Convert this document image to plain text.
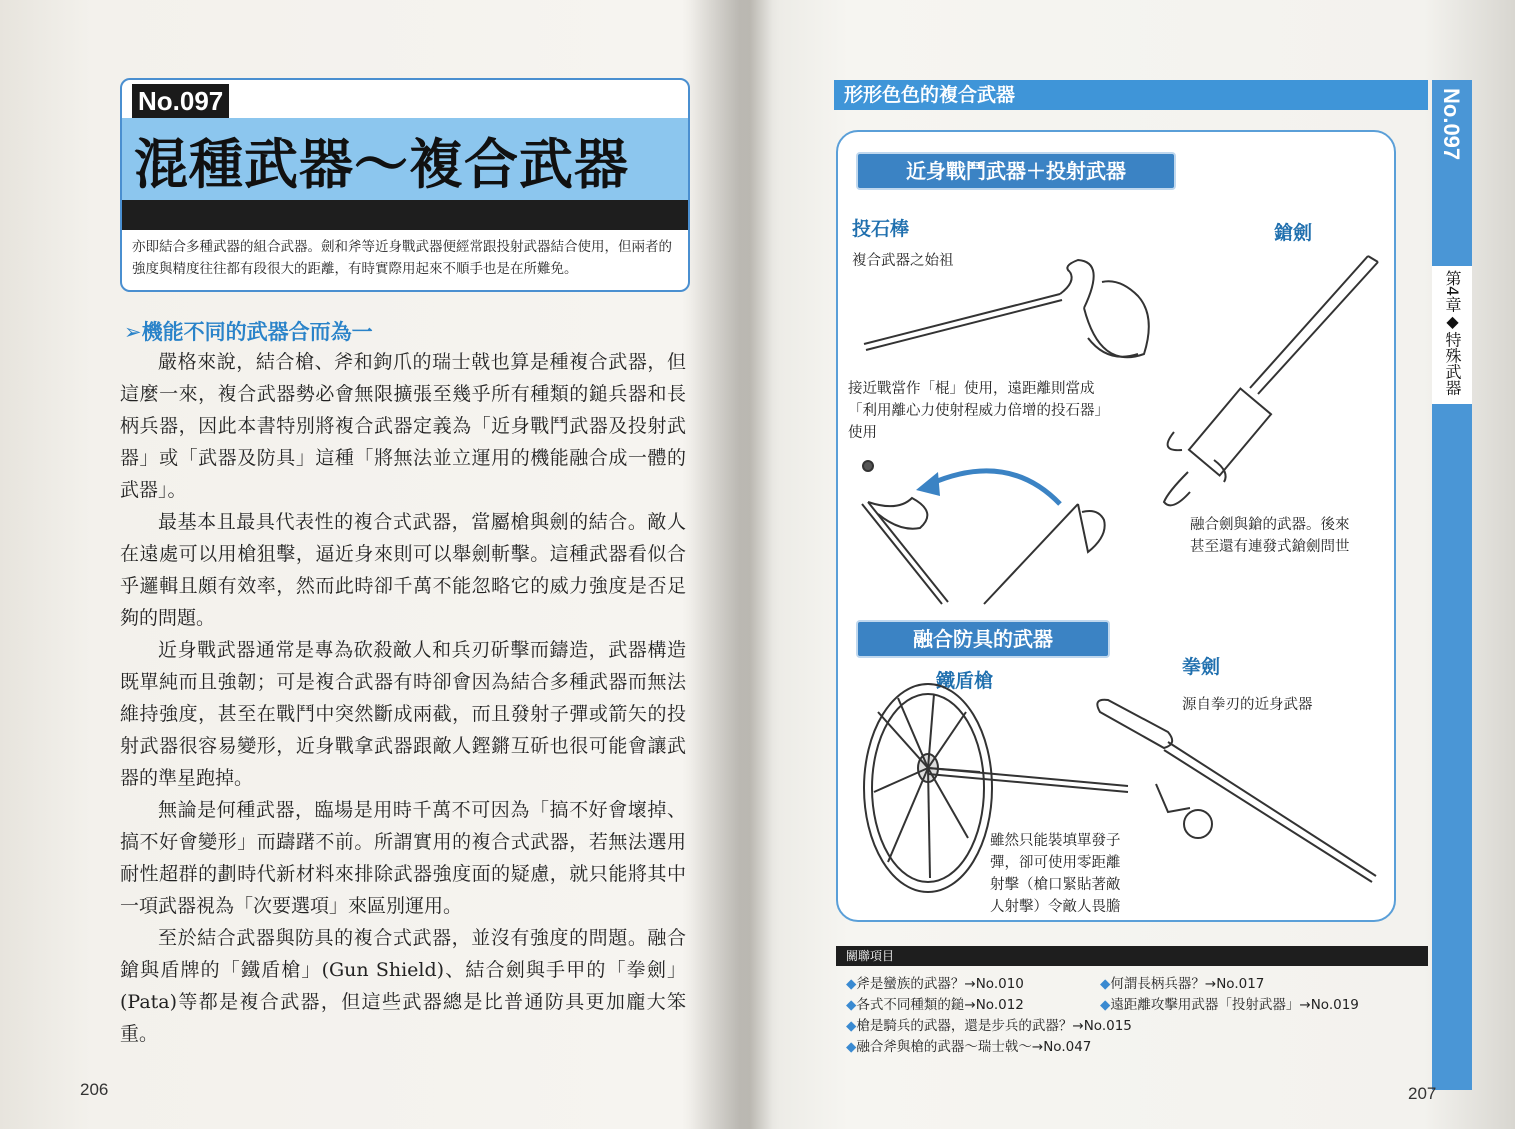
No.097
混種武器～複合武器
亦即結合多種武器的組合武器。劍和斧等近身戰武器便經常跟投射武器結合使用，但兩者的強度與精度往往都有段很大的距離，有時實際用起來不順手也是在所難免。
➢機能不同的武器合而為一

嚴格來說，結合槍、斧和鉤爪的瑞士戟也算是種複合武器，但這麼一來，複合武器勢必會無限擴張至幾乎所有種類的鎚兵器和長柄兵器，因此本書特別將複合武器定義為「近身戰鬥武器及投射武器」或「武器及防具」這種「將無法並立運用的機能融合成一體的武器」。

最基本且最具代表性的複合式武器，當屬槍與劍的結合。敵人在遠處可以用槍狙擊，逼近身來則可以舉劍斬擊。這種武器看似合乎邏輯且頗有效率，然而此時卻千萬不能忽略它的威力強度是否足夠的問題。

近身戰武器通常是專為砍殺敵人和兵刃斫擊而鑄造，武器構造既單純而且強韌；可是複合武器有時卻會因為結合多種武器而無法維持強度，甚至在戰鬥中突然斷成兩截，而且發射子彈或箭矢的投射武器很容易變形，近身戰拿武器跟敵人鏗鏘互斫也很可能會讓武器的準星跑掉。

無論是何種武器，臨場是用時千萬不可因為「搞不好會壞掉、搞不好會變形」而躊躇不前。所謂實用的複合式武器，若無法選用耐性超群的劃時代新材料來排除武器強度面的疑慮，就只能將其中一項武器視為「次要選項」來區別運用。

至於結合武器與防具的複合式武器，並沒有強度的問題。融合鎗與盾牌的「鐵盾槍」(Gun Shield)、結合劍與手甲的「拳劍」(Pata)等都是複合武器，但這些武器總是比普通防具更加龐大笨重。

206
形形色色的複合武器	No.097
第4章◆特殊武器
近身戰鬥武器＋投射武器
投石棒
複合武器之始祖
鎗劍
接近戰當作「棍」使用，遠距離則當成
「利用離心力使射程威力倍增的投石器」
使用
融合劍與鎗的武器。後來
甚至還有連發式鎗劍問世
融合防具的武器
鐵盾槍
拳劍
源自拳刃的近身武器
雖然只能裝填單發子
彈，卻可使用零距離
射擊（槍口緊貼著敵
人射擊）令敵人畏膽
關聯項目
◆斧是蠻族的武器？→No.010	◆何謂長柄兵器？→No.017
◆各式不同種類的鎚→No.012	◆遠距離攻擊用武器「投射武器」→No.019
◆槍是騎兵的武器，還是步兵的武器？→No.015
◆融合斧與槍的武器～瑞士戟～→No.047
207
